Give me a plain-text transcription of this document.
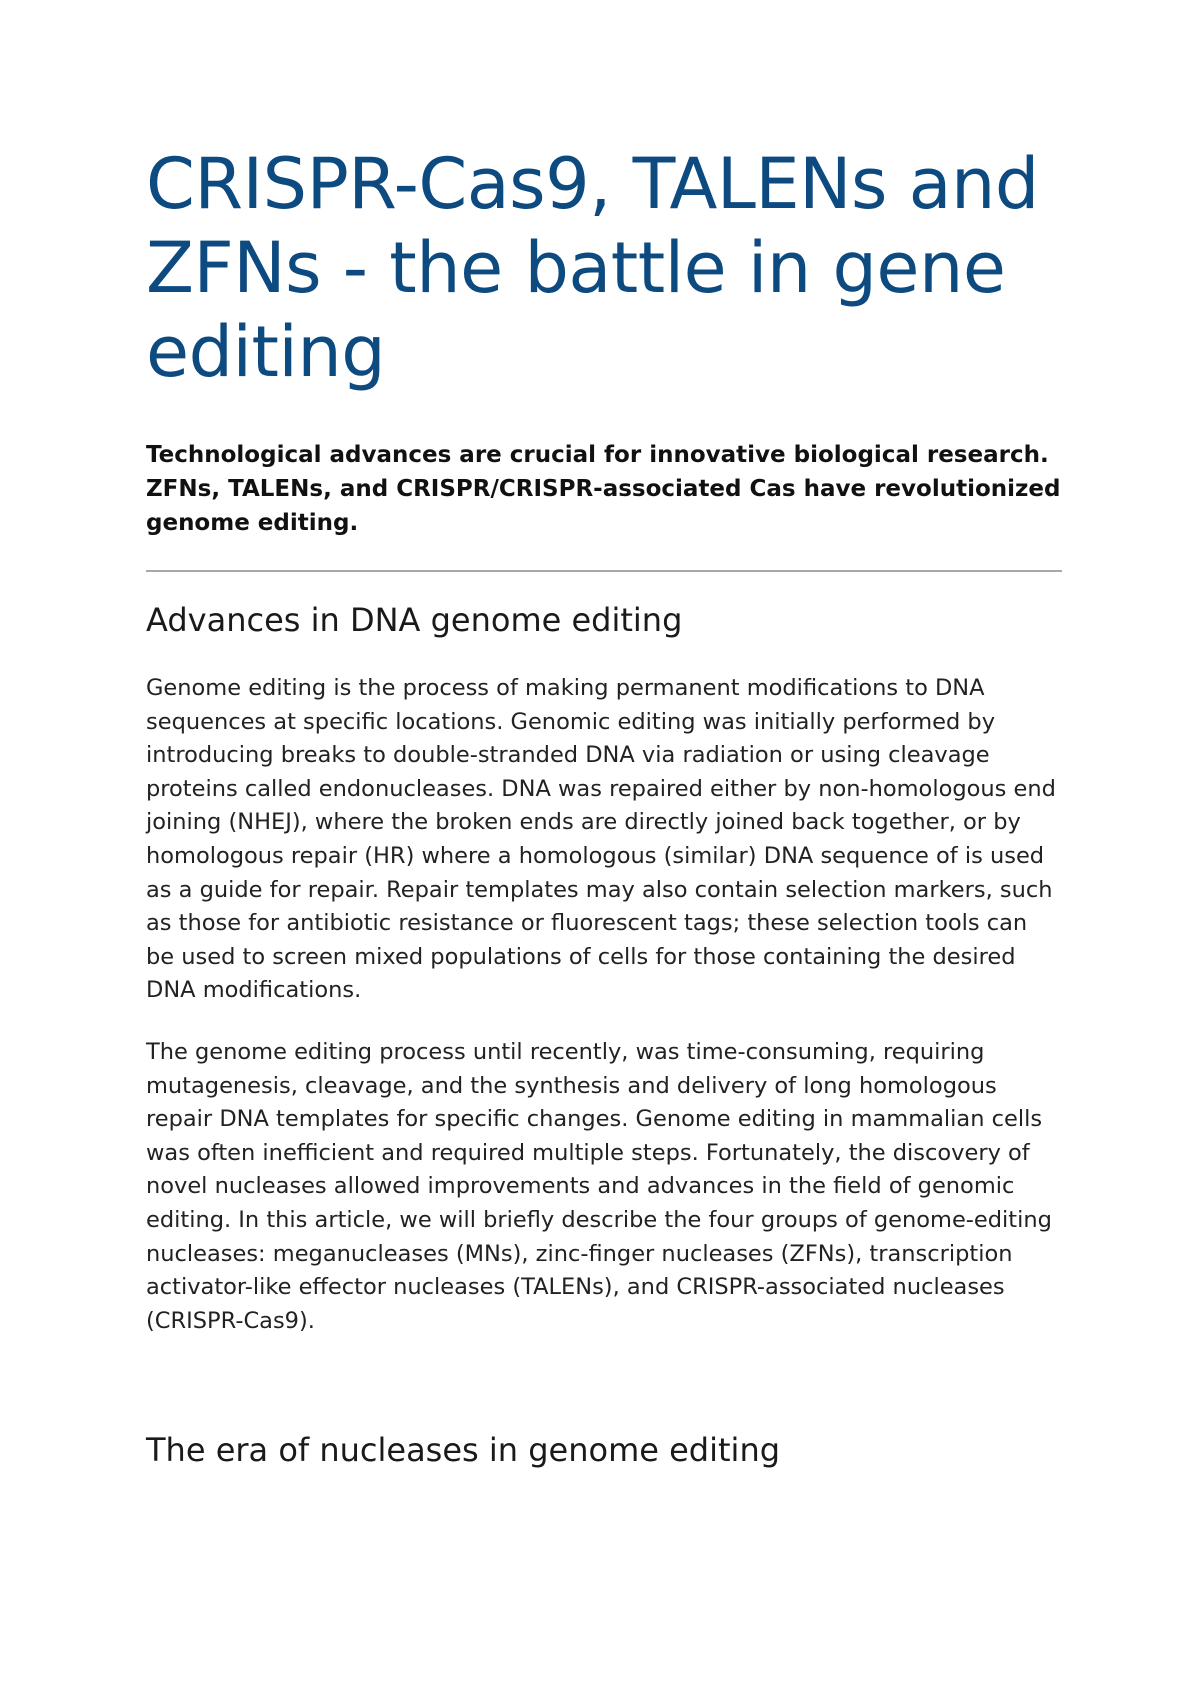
CRISPR-Cas9, TALENs and ZFNs - the battle in gene editing

Technological advances are crucial for innovative biological research. ZFNs, TALENs, and CRISPR/CRISPR-associated Cas have revolutionized genome editing.

Advances in DNA genome editing

Genome editing is the process of making permanent modifications to DNA sequences at specific locations. Genomic editing was initially performed by introducing breaks to double-stranded DNA via radiation or using cleavage proteins called endonucleases. DNA was repaired either by non-homologous end joining (NHEJ), where the broken ends are directly joined back together, or by homologous repair (HR) where a homologous (similar) DNA sequence of is used as a guide for repair. Repair templates may also contain selection markers, such as those for antibiotic resistance or fluorescent tags; these selection tools can be used to screen mixed populations of cells for those containing the desired DNA modifications.

The genome editing process until recently, was time-consuming, requiring mutagenesis, cleavage, and the synthesis and delivery of long homologous repair DNA templates for specific changes. Genome editing in mammalian cells was often inefficient and required multiple steps. Fortunately, the discovery of novel nucleases allowed improvements and advances in the field of genomic editing. In this article, we will briefly describe the four groups of genome-editing nucleases: meganucleases (MNs), zinc-finger nucleases (ZFNs), transcription activator-like effector nucleases (TALENs), and CRISPR-associated nucleases (CRISPR-Cas9).

The era of nucleases in genome editing
